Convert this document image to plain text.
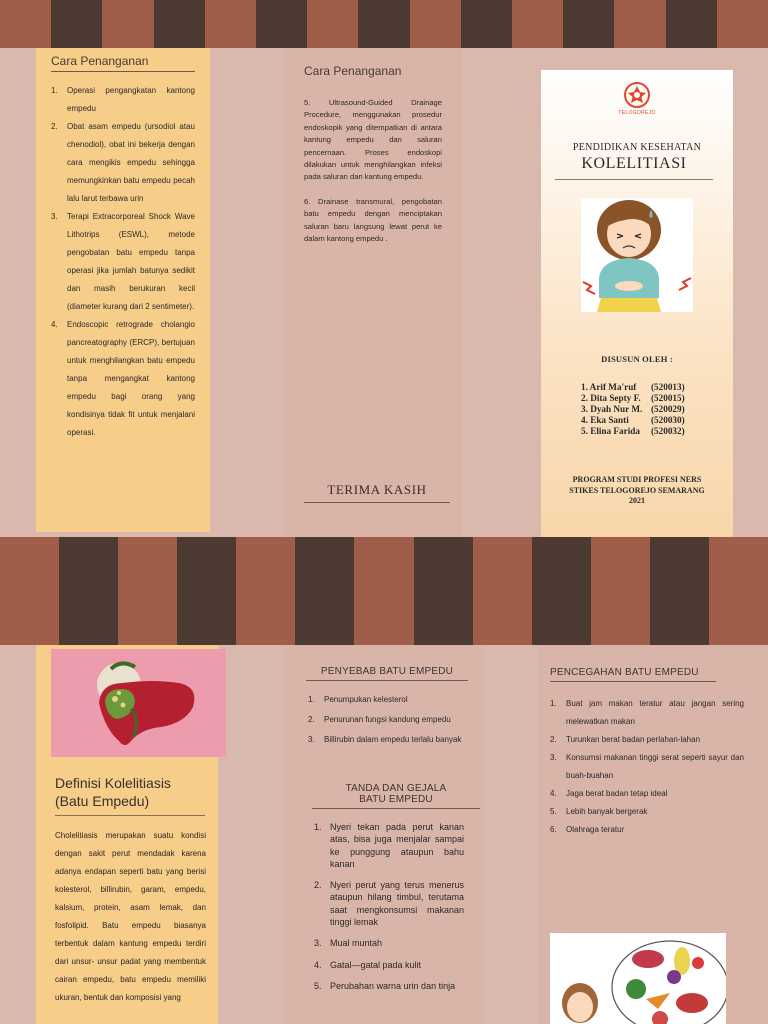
Cara Penanganan
1. Operasi pengangkatan kantong empedu
2. Obat asam empedu (ursodiol atau chenodiol), obat ini bekerja dengan cara mengikis empedu sehingga memungkinkan batu empedu pecah lalu larut terbawa urin
3. Terapi Extracorporeal Shock Wave Lithotrips (ESWL), metode pengobatan batu empedu tanpa operasi jika jumlah batunya sedikit dan masih berukuran kecil (diameter kurang dari 2 sentimeter).
4. Endoscopic retrograde cholangio pancreatography (ERCP), bertujuan untuk menghilangkan batu empedu tanpa mengangkat kantong empedu bagi orang yang kondisinya tidak fit untuk menjalani operasi.
Cara Penanganan

5. Ultrasound-Guided Drainage Procedure, menggunakan prosedur endoskopik yang ditempatkan di antara kantung empedu dan saluran pencernaan. Proses endoskopi dilakukan untuk menghilangkan infeksi pada saluran dan kantung empedu.

6. Drainase transmural, pengobatan batu empedu dengan menciptakan saluran baru langsung lewat perut ke dalam kantong empedu .

TERIMA KASIH
TELOGOREJO
PENDIDIKAN KESEHATAN
KOLELITIASI
DISUSUN OLEH :
1. Arif Ma'ruf (520013)
2. Dita Septy F. (520015)
3. Dyah Nur M. (520029)
4. Eka Santi (520030)
5. Elina Farida (520032)
PROGRAM STUDI PROFESI NERS
STIKES TELOGOREJO SEMARANG
2021
Definisi Kolelitiasis (Batu Empedu)

Cholelitiasis merupakan suatu kondisi dengan sakit perut mendadak karena adanya endapan seperti batu yang berisi kolesterol, billirubin, garam, empedu, kalsium, protein, asam lemak, dan fosfolipid. Batu empedu biasanya terbentuk dalam kantung empedu terdiri dari unsur- unsur padat yang membentuk cairan empedu, batu empedu memiliki ukuran, bentuk dan komposisi yang

PENYEBAB BATU EMPEDU
1. Penumpukan kelesterol
2. Penurunan fungsi kandung empedu
3. Billirubin dalam empedu terlalu banyak
TANDA DAN GEJALA
BATU EMPEDU
1. Nyeri tekan pada perut kanan atas, bisa juga menjalar sampai ke punggung ataupun bahu kanan
2. Nyeri perut yang terus menerus ataupun hilang timbul, terutama saat mengkonsumsi makanan tinggi lemak
3. Mual muntah
4. Gatal—gatal pada kulit
5. Perubahan warna urin dan tinja
PENCEGAHAN BATU EMPEDU
1. Buat jam makan teratur atau jangan sering melewatkan makan
2. Turunkan berat badan perlahan-lahan
3. Konsumsi makanan tinggi serat seperti sayur dan buah-buahan
4. Jaga berat badan tetap ideal
5. Lebih banyak bergerak
6. Olahraga teratur
